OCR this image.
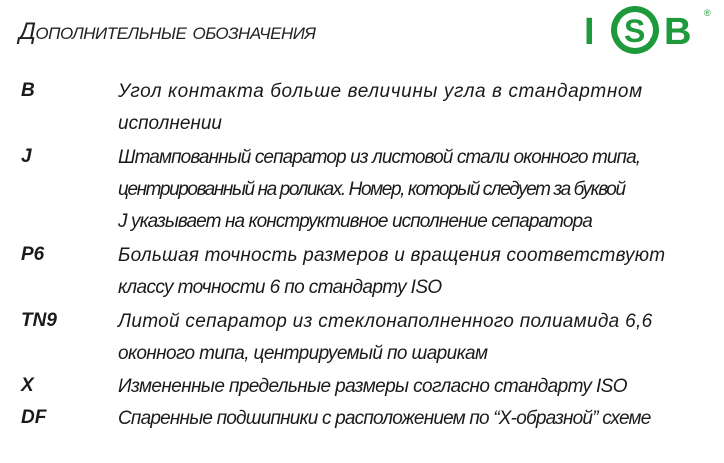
Дополнительные обозначения	I S B ®
B	Угол контакта больше величины угла в стандартном
исполнении
J	Штампованный сепаратор из листовой стали оконного типа,
центрированный на роликах. Номер, который следует за буквой
J указывает на конструктивное исполнение сепаратора
P6	Большая точность размеров и вращения соответствуют
классу точности 6 по стандарту ISO
TN9	Литой сепаратор из стеклонаполненного полиамида 6,6
оконного типа, центрируемый по шарикам
X	Измененные предельные размеры согласно стандарту ISO
DF	Спаренные подшипники с расположением по “X-образной” схеме
